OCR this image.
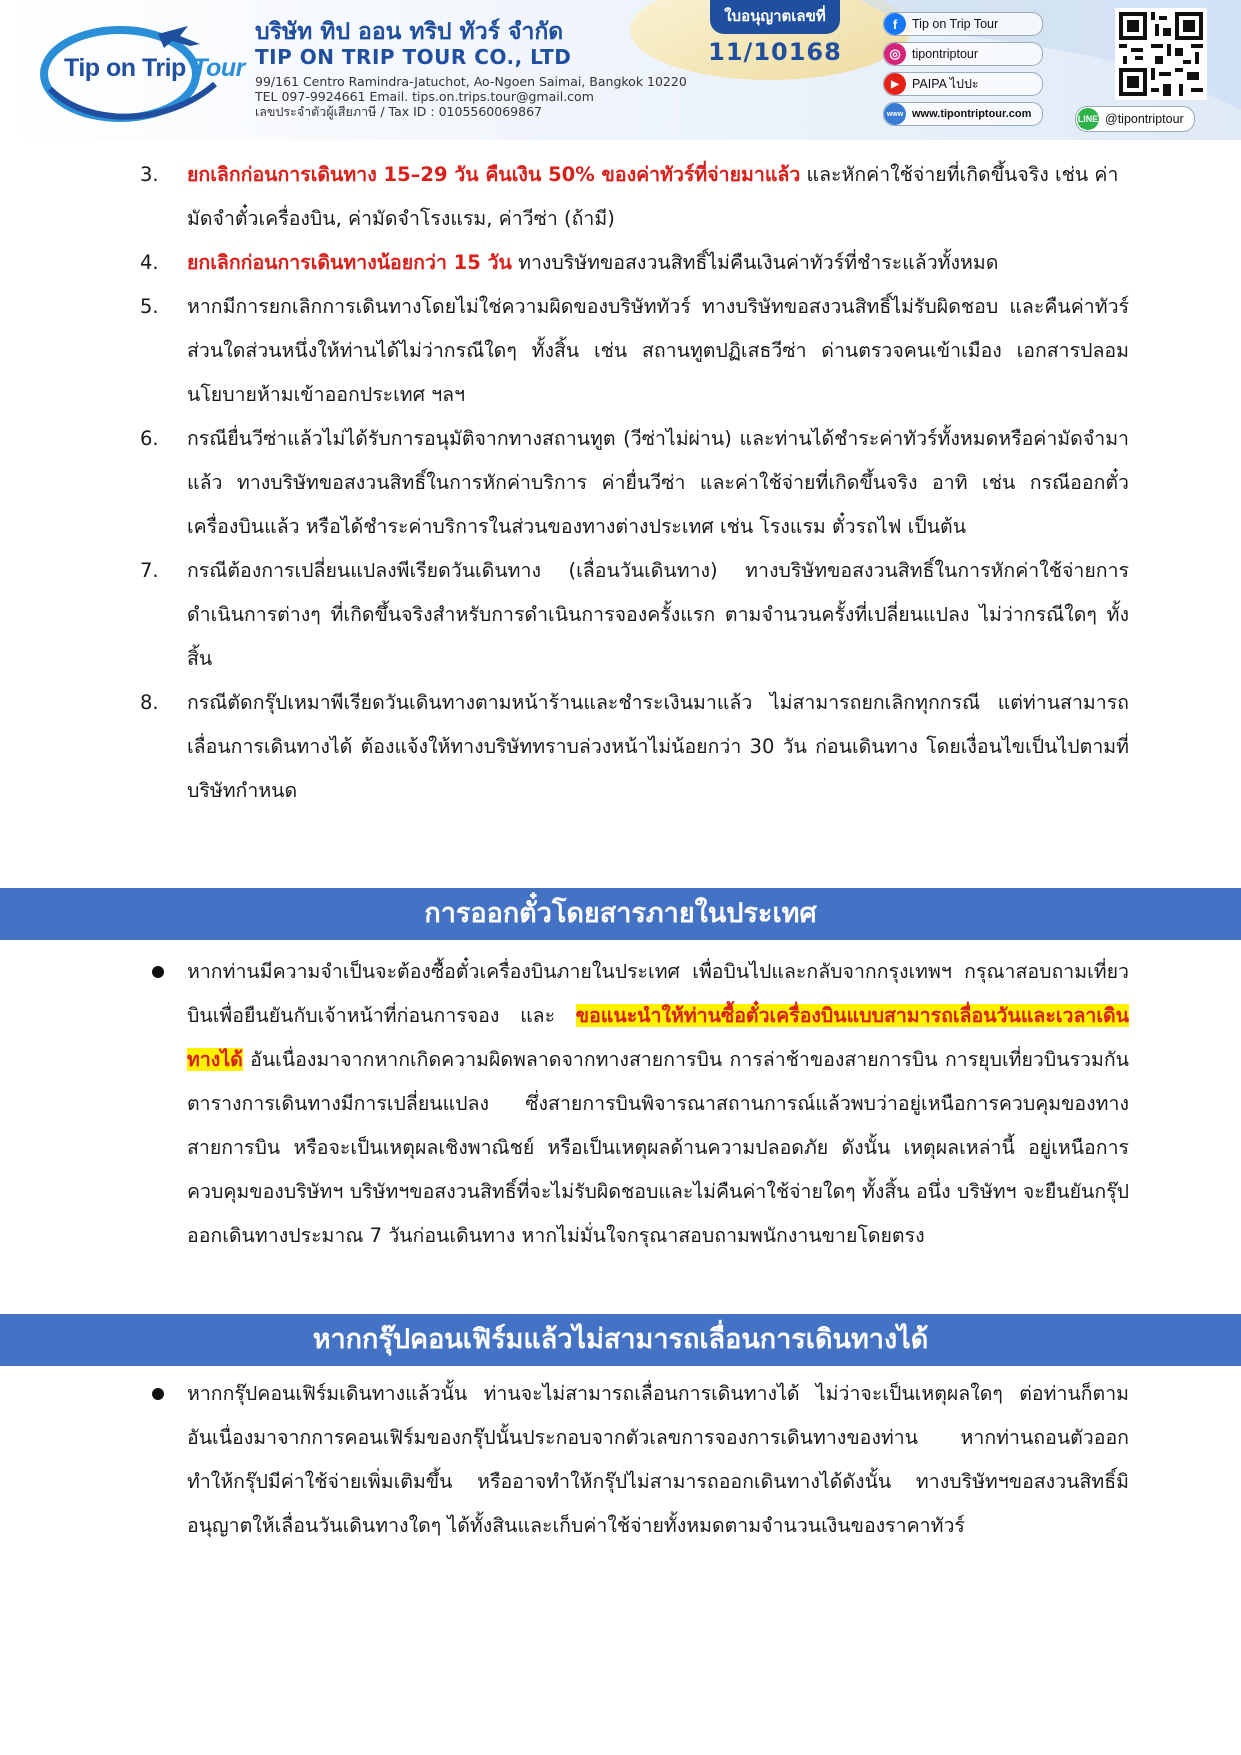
Tip on Trip Tour
บริษัท ทิป ออน ทริป ทัวร์ จำกัด
TIP ON TRIP TOUR CO., LTD
99/161 Centro Ramindra-Jatuchot, Ao-Ngoen Saimai, Bangkok 10220
TEL 097-9924661 Email. tips.on.trips.tour@gmail.com
เลขประจำตัวผู้เสียภาษี / Tax ID : 0105560069867
ใบอนุญาตเลขที่
11/10168
f	Tip on Trip Tour
◎ tipontriptour
▶	PAIPA ไปปะ
www www.tipontriptour.com	LINE @tipontriptour
3. ยกเลิกก่อนการเดินทาง 15–29 วัน คืนเงิน 50% ของค่าทัวร์ที่จ่ายมาแล้ว และหักค่าใช้จ่ายที่เกิดขึ้นจริง เช่น ค่ามัดจำตั๋วเครื่องบิน, ค่ามัดจำโรงแรม, ค่าวีซ่า (ถ้ามี)
4. ยกเลิกก่อนการเดินทางน้อยกว่า 15 วัน ทางบริษัทขอสงวนสิทธิ์ไม่คืนเงินค่าทัวร์ที่ชำระแล้วทั้งหมด
5. หากมีการยกเลิกการเดินทางโดยไม่ใช่ความผิดของบริษัททัวร์ ทางบริษัทขอสงวนสิทธิ์ไม่รับผิดชอบ และคืนค่าทัวร์ส่วนใดส่วนหนึ่งให้ท่านได้ไม่ว่ากรณีใดๆ ทั้งสิ้น เช่น สถานทูตปฏิเสธวีซ่า ด่านตรวจคนเข้าเมือง เอกสารปลอม นโยบายห้ามเข้าออกประเทศ ฯลฯ
6. กรณียื่นวีซ่าแล้วไม่ได้รับการอนุมัติจากทางสถานทูต (วีซ่าไม่ผ่าน) และท่านได้ชำระค่าทัวร์ทั้งหมดหรือค่ามัดจำมาแล้ว ทางบริษัทขอสงวนสิทธิ์ในการหักค่าบริการ ค่ายื่นวีซ่า และค่าใช้จ่ายที่เกิดขึ้นจริง อาทิ เช่น กรณีออกตั๋วเครื่องบินแล้ว หรือได้ชำระค่าบริการในส่วนของทางต่างประเทศ เช่น โรงแรม ตั๋วรถไฟ เป็นต้น
7. กรณีต้องการเปลี่ยนแปลงพีเรียดวันเดินทาง (เลื่อนวันเดินทาง) ทางบริษัทขอสงวนสิทธิ์ในการหักค่าใช้จ่ายการดำเนินการต่างๆ ที่เกิดขึ้นจริงสำหรับการดำเนินการจองครั้งแรก ตามจำนวนครั้งที่เปลี่ยนแปลง ไม่ว่ากรณีใดๆ ทั้งสิ้น
8. กรณีตัดกรุ๊ปเหมาพีเรียดวันเดินทางตามหน้าร้านและชำระเงินมาแล้ว ไม่สามารถยกเลิกทุกกรณี แต่ท่านสามารถเลื่อนการเดินทางได้ ต้องแจ้งให้ทางบริษัททราบล่วงหน้าไม่น้อยกว่า 30 วัน ก่อนเดินทาง โดยเงื่อนไขเป็นไปตามที่บริษัทกำหนด
การออกตั๋วโดยสารภายในประเทศ
หากท่านมีความจำเป็นจะต้องซื้อตั๋วเครื่องบินภายในประเทศ เพื่อบินไปและกลับจากกรุงเทพฯ กรุณาสอบถามเที่ยวบินเพื่อยืนยันกับเจ้าหน้าที่ก่อนการจอง และ ขอแนะนำให้ท่านซื้อตั๋วเครื่องบินแบบสามารถเลื่อนวันและเวลาเดินทางได้ อันเนื่องมาจากหากเกิดความผิดพลาดจากทางสายการบิน การล่าช้าของสายการบิน การยุบเที่ยวบินรวมกันตารางการเดินทางมีการเปลี่ยนแปลง ซึ่งสายการบินพิจารณาสถานการณ์แล้วพบว่าอยู่เหนือการควบคุมของทางสายการบิน หรือจะเป็นเหตุผลเชิงพาณิชย์ หรือเป็นเหตุผลด้านความปลอดภัย ดังนั้น เหตุผลเหล่านี้ อยู่เหนือการควบคุมของบริษัทฯ บริษัทฯขอสงวนสิทธิ์ที่จะไม่รับผิดชอบและไม่คืนค่าใช้จ่ายใดๆ ทั้งสิ้น อนึ่ง บริษัทฯ จะยืนยันกรุ๊ปออกเดินทางประมาณ 7 วันก่อนเดินทาง หากไม่มั่นใจกรุณาสอบถามพนักงานขายโดยตรง
หากกรุ๊ปคอนเฟิร์มแล้วไม่สามารถเลื่อนการเดินทางได้
หากกรุ๊ปคอนเฟิร์มเดินทางแล้วนั้น ท่านจะไม่สามารถเลื่อนการเดินทางได้ ไม่ว่าจะเป็นเหตุผลใดๆ ต่อท่านก็ตาม อันเนื่องมาจากการคอนเฟิร์มของกรุ๊ปนั้นประกอบจากตัวเลขการจองการเดินทางของท่าน หากท่านถอนตัวออก ทำให้กรุ๊ปมีค่าใช้จ่ายเพิ่มเติมขึ้น หรืออาจทำให้กรุ๊ปไม่สามารถออกเดินทางได้ดังนั้น ทางบริษัทฯขอสงวนสิทธิ์มิอนุญาตให้เลื่อนวันเดินทางใดๆ ได้ทั้งสินและเก็บค่าใช้จ่ายทั้งหมดตามจำนวนเงินของราคาทัวร์
